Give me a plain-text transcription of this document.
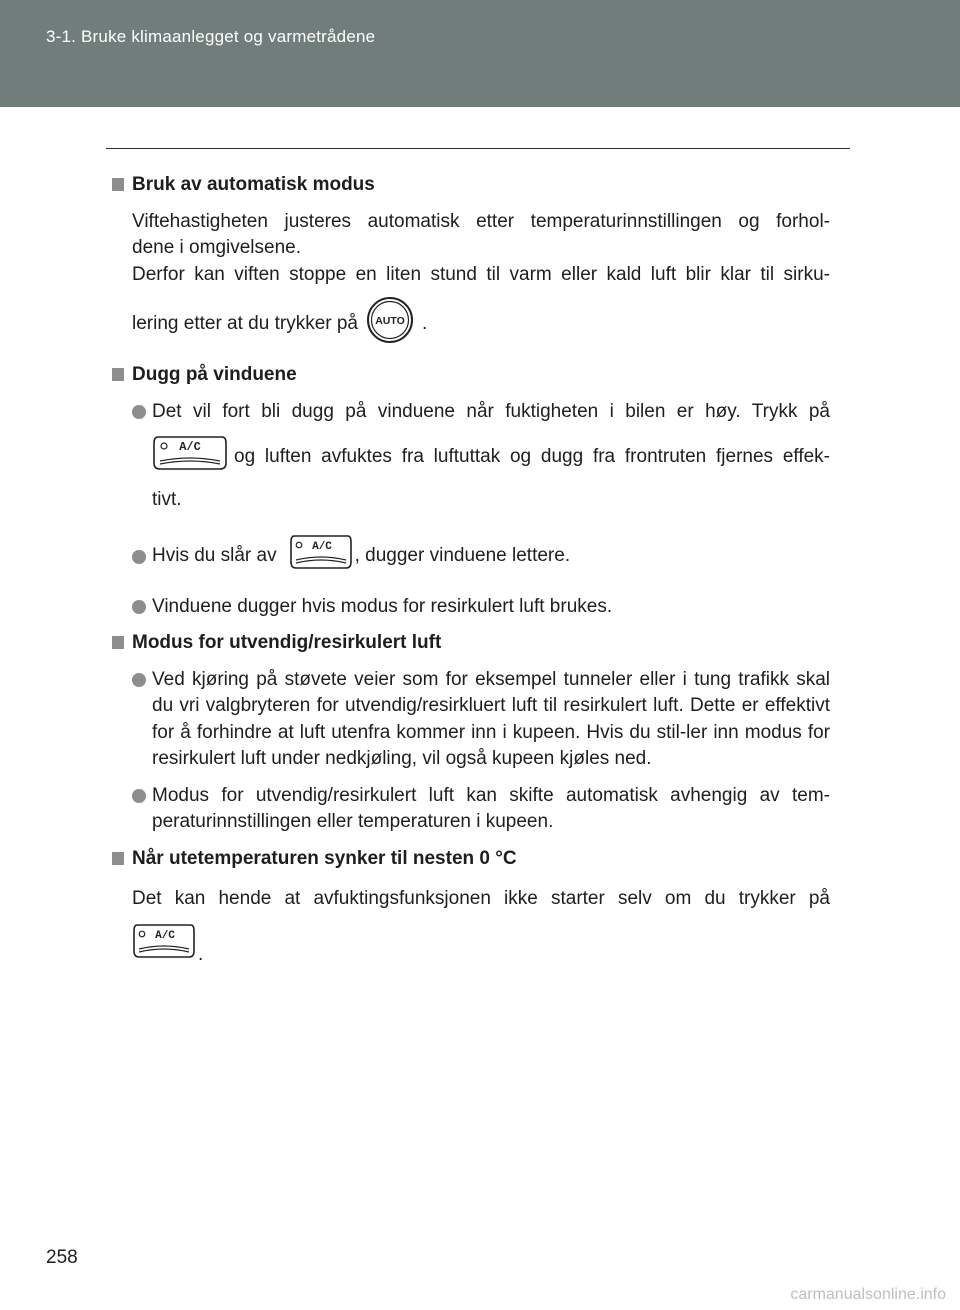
3-1. Bruke klimaanlegget og varmetrådene
Bruk av automatisk modus
Viftehastigheten justeres automatisk etter temperaturinnstillingen og forhol-
dene i omgivelsene.
Derfor kan viften stoppe en liten stund til varm eller kald luft blir klar til sirku-
lering etter at du trykker på AUTO .
Dugg på vinduene
Det vil fort bli dugg på vinduene når fuktigheten i bilen er høy. Trykk på
A/C og luften avfuktes fra luftuttak og dugg fra frontruten fjernes effek-
tivt.
Hvis du slår av	A/C , dugger vinduene lettere.
Vinduene dugger hvis modus for resirkulert luft brukes.
Modus for utvendig/resirkulert luft
Ved kjøring på støvete veier som for eksempel tunneler eller i tung trafikk skal du vri valgbryteren for utvendig/resirkluert luft til resirkulert luft. Dette er effektivt for å forhindre at luft utenfra kommer inn i kupeen. Hvis du stil-ler inn modus for resirkulert luft under nedkjøling, vil også kupeen kjøles ned.
Modus for utvendig/resirkulert luft kan skifte automatisk avhengig av tem-peraturinnstillingen eller temperaturen i kupeen.
Når utetemperaturen synker til nesten 0 °C
Det kan hende at avfuktingsfunksjonen ikke starter selv om du trykker på
A/C
.
258
carmanualsonline.info
